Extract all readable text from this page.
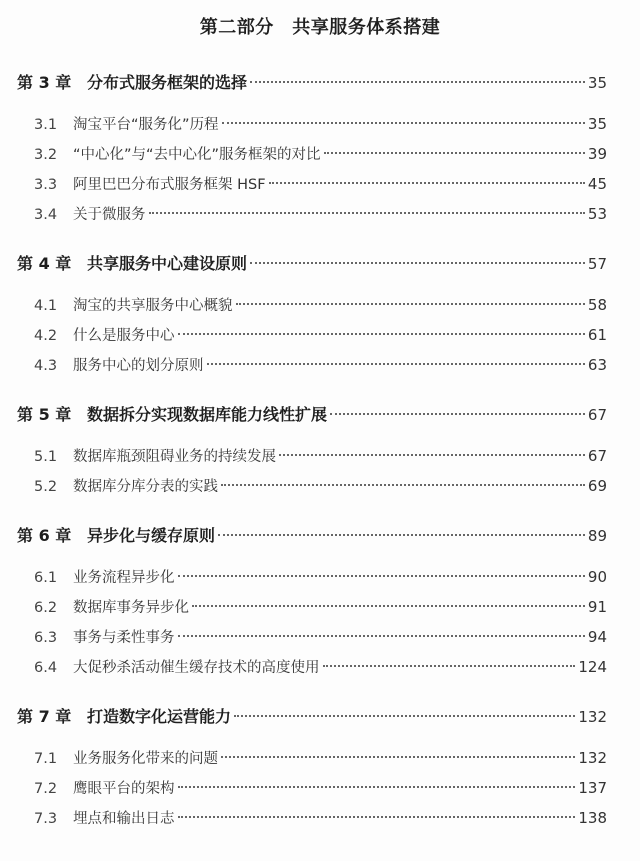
第二部分　共享服务体系搭建
第 3 章 分布式服务框架的选择	35
3.1	淘宝平台“服务化”历程	35
3.2	“中心化”与“去中心化”服务框架的对比	39
3.3	阿里巴巴分布式服务框架 HSF	45
3.4	关于微服务	53
第 4 章 共享服务中心建设原则	57
4.1	淘宝的共享服务中心概貌	58
4.2	什么是服务中心	61
4.3	服务中心的划分原则	63
第 5 章 数据拆分实现数据库能力线性扩展	67
5.1	数据库瓶颈阻碍业务的持续发展	67
5.2	数据库分库分表的实践	69
第 6 章 异步化与缓存原则	89
6.1	业务流程异步化	90
6.2	数据库事务异步化	91
6.3	事务与柔性事务	94
6.4	大促秒杀活动催生缓存技术的高度使用	124
第 7 章 打造数字化运营能力	132
7.1	业务服务化带来的问题	132
7.2	鹰眼平台的架构	137
7.3	埋点和输出日志	138
